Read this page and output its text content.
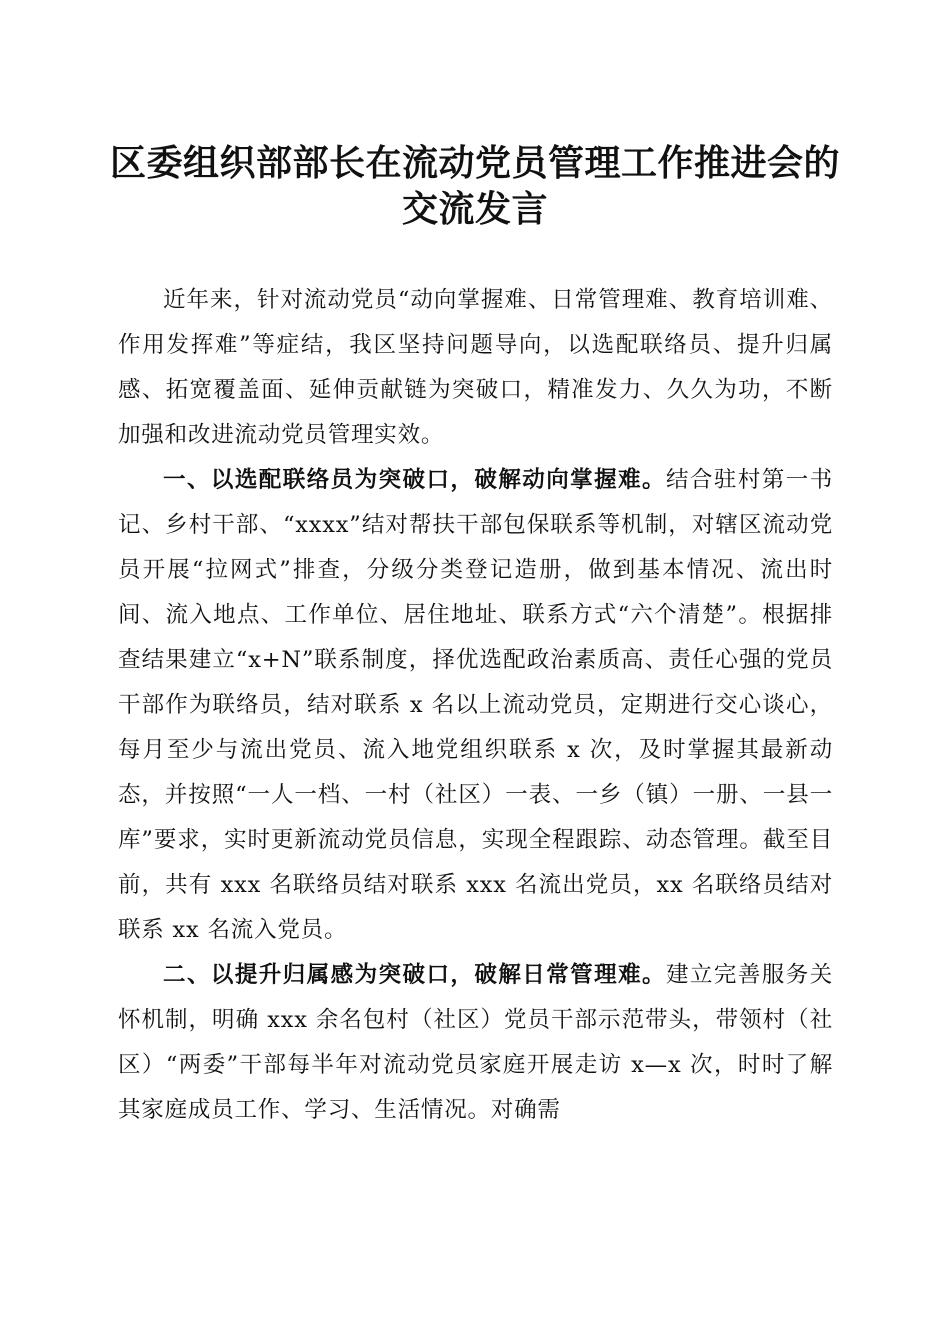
区委组织部部长在流动党员管理工作推进会的
交流发言

近年来，针对流动党员“动向掌握难、日常管理难、教育培训难、作用发挥难”等症结，我区坚持问题导向，以选配联络员、提升归属感、拓宽覆盖面、延伸贡献链为突破口，精准发力、久久为功，不断加强和改进流动党员管理实效。

一、以选配联络员为突破口，破解动向掌握难。结合驻村第一书记、乡村干部、“xxxx”结对帮扶干部包保联系等机制，对辖区流动党员开展“拉网式”排查，分级分类登记造册，做到基本情况、流出时间、流入地点、工作单位、居住地址、联系方式“六个清楚”。根据排查结果建立“x+N”联系制度，择优选配政治素质高、责任心强的党员干部作为联络员，结对联系 x 名以上流动党员，定期进行交心谈心，每月至少与流出党员、流入地党组织联系 x 次，及时掌握其最新动态，并按照“一人一档、一村（社区）一表、一乡（镇）一册、一县一库”要求，实时更新流动党员信息，实现全程跟踪、动态管理。截至目前，共有 xxx 名联络员结对联系 xxx 名流出党员，xx 名联络员结对联系 xx 名流入党员。

二、以提升归属感为突破口，破解日常管理难。建立完善服务关怀机制，明确 xxx 余名包村（社区）党员干部示范带头，带领村（社区）“两委”干部每半年对流动党员家庭开展走访 x—x 次，时时了解其家庭成员工作、学习、生活情况。对确需
